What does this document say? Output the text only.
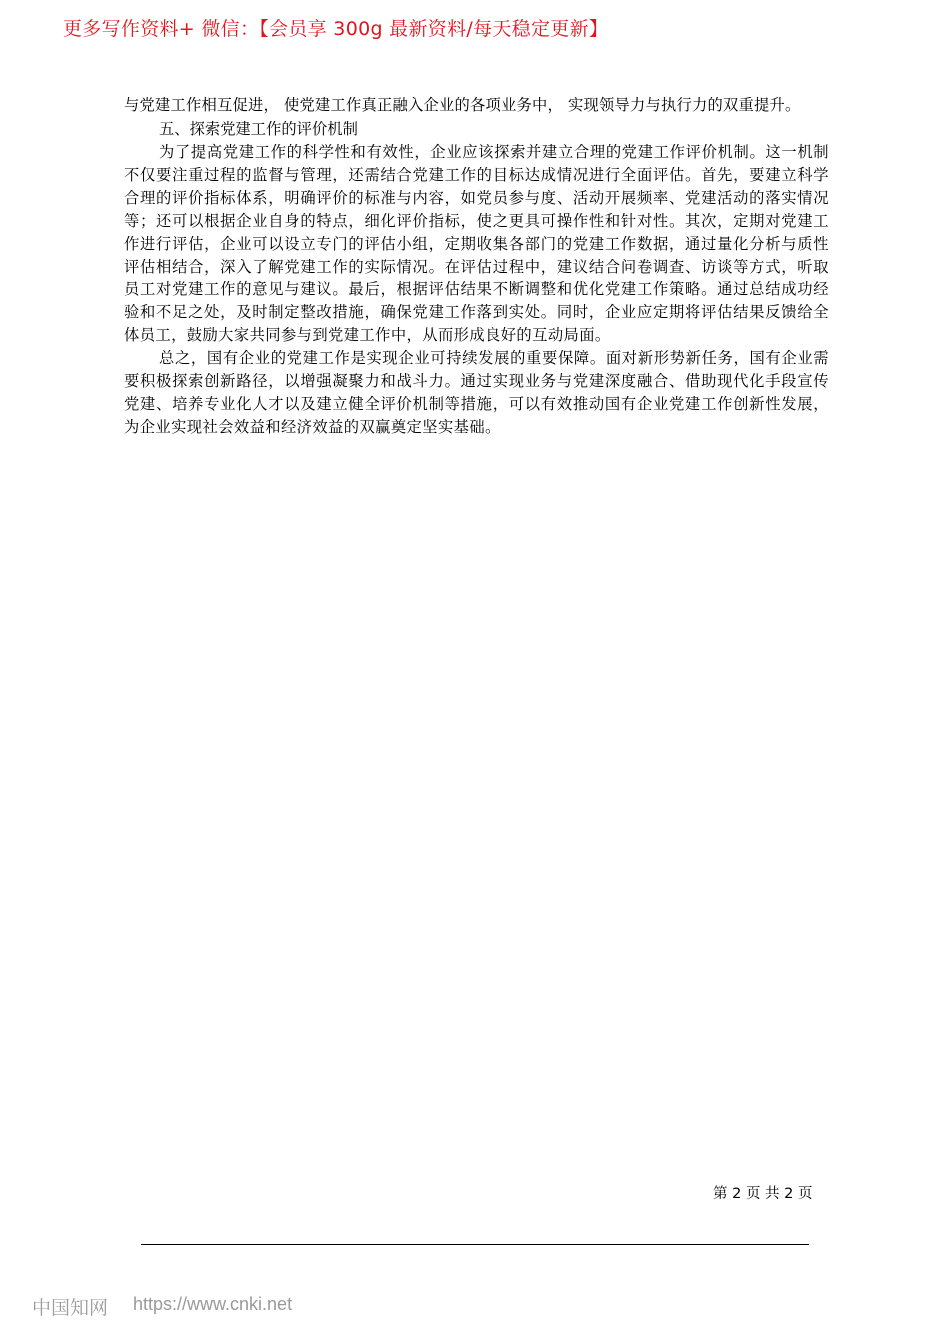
更多写作资料+ 微信：【会员享 300g 最新资料/每天稳定更新】

与党建工作相互促进， 使党建工作真正融入企业的各项业务中， 实现领导力与执行力的双重提升。

五、探索党建工作的评价机制

为了提高党建工作的科学性和有效性，企业应该探索并建立合理的党建工作评价机制。这一机制不仅要注重过程的监督与管理，还需结合党建工作的目标达成情况进行全面评估。首先，要建立科学合理的评价指标体系，明确评价的标准与内容，如党员参与度、活动开展频率、党建活动的落实情况等；还可以根据企业自身的特点，细化评价指标，使之更具可操作性和针对性。其次，定期对党建工作进行评估，企业可以设立专门的评估小组，定期收集各部门的党建工作数据，通过量化分析与质性评估相结合，深入了解党建工作的实际情况。在评估过程中，建议结合问卷调查、访谈等方式，听取员工对党建工作的意见与建议。最后，根据评估结果不断调整和优化党建工作策略。通过总结成功经验和不足之处，及时制定整改措施，确保党建工作落到实处。同时，企业应定期将评估结果反馈给全体员工，鼓励大家共同参与到党建工作中，从而形成良好的互动局面。

总之，国有企业的党建工作是实现企业可持续发展的重要保障。面对新形势新任务，国有企业需要积极探索创新路径，以增强凝聚力和战斗力。通过实现业务与党建深度融合、借助现代化手段宣传党建、培养专业化人才以及建立健全评价机制等措施，可以有效推动国有企业党建工作创新性发展，为企业实现社会效益和经济效益的双赢奠定坚实基础。

第 2 页 共 2 页
中国知网 https://www.cnki.net
